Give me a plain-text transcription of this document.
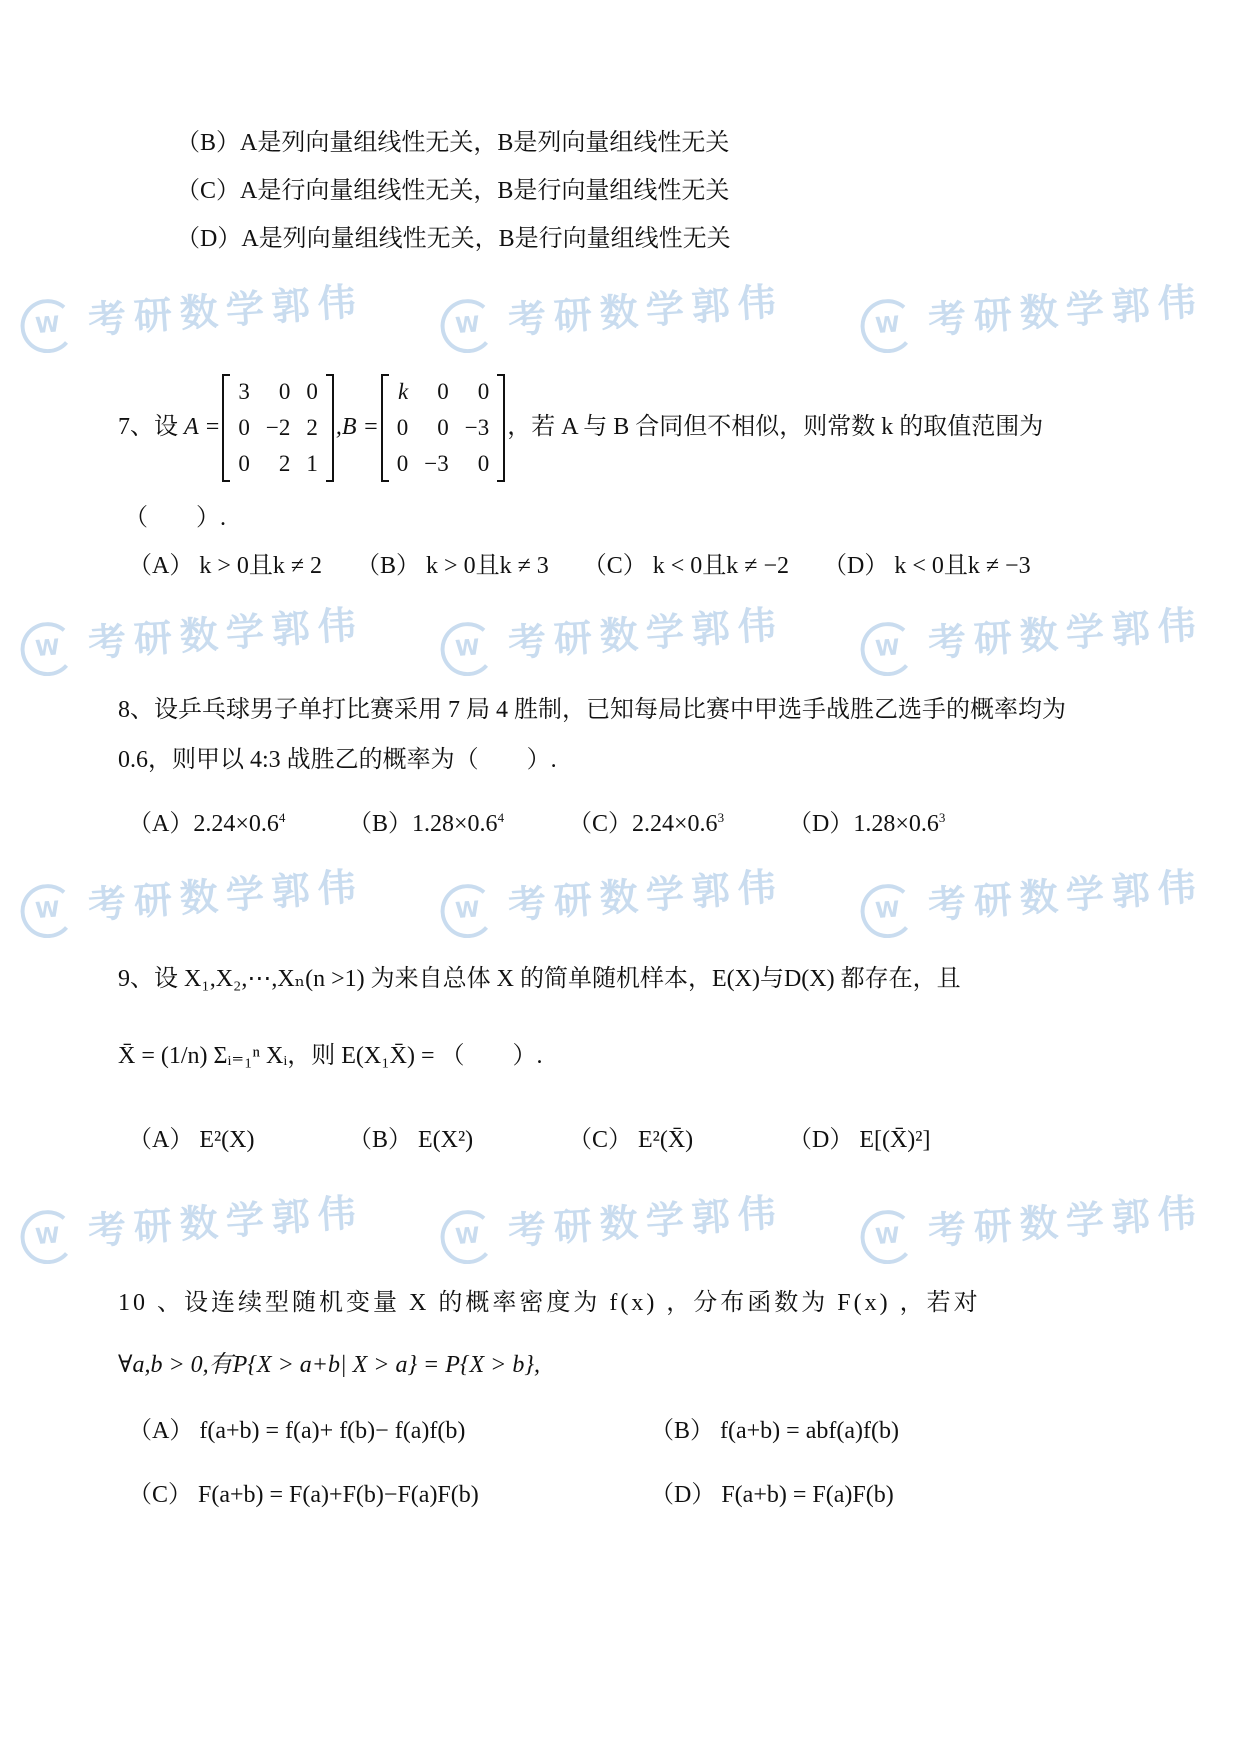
W 考研数学郭伟	W 考研数学郭伟	W 考研数学郭伟
W 考研数学郭伟	W 考研数学郭伟	W 考研数学郭伟
W 考研数学郭伟	W 考研数学郭伟	W 考研数学郭伟
W 考研数学郭伟	W 考研数学郭伟	W 考研数学郭伟
（B）A是列向量组线性无关，B是列向量组线性无关
（C）A是行向量组线性无关，B是行向量组线性无关
（D）A是列向量组线性无关，B是行向量组线性无关
7、设 A =
3	0	0
0	−2	2
0	2	1
,B =
k	0	0
0	0	−3
0	−3	0
，若 A 与 B 合同但不相似，则常数 k 的取值范围为
（　　）.
（A） k > 0且k ≠ 2 （B） k > 0且k ≠ 3 （C） k < 0且k ≠ −2 （D） k < 0且k ≠ −3
8、设乒乓球男子单打比赛采用 7 局 4 胜制，已知每局比赛中甲选手战胜乙选手的概率均为
0.6，则甲以 4:3 战胜乙的概率为（　　）.
$(A)2.24\times 0.6^4$	$(B)1.28\times 0.6^4$	$(C)2.24\times 0.6^3$	$(D)1.28\times 0.6^3$
9、设 X₁,X₂,⋯,Xₙ(n >1) 为来自总体 X 的简单随机样本，E(X)与D(X) 都存在，且
X̄ = (1/n) Σᵢ₌₁ⁿ Xᵢ，则 E(X₁X̄) = （　　）.
（A） E²(X)	（B） E(X²)	（C） E²(X̄)	（D） E[(X̄)²]
10 、设连续型随机变量 X 的概率密度为 f(x) ，分布函数为 F(x) ，若对
∀a,b > 0,有P{X > a+b| X > a} = P{X > b},
（A） f(a+b) = f(a)+ f(b)− f(a)f(b)	（B） f(a+b) = abf(a)f(b)
（C） F(a+b) = F(a)+F(b)−F(a)F(b)	（D） F(a+b) = F(a)F(b)
